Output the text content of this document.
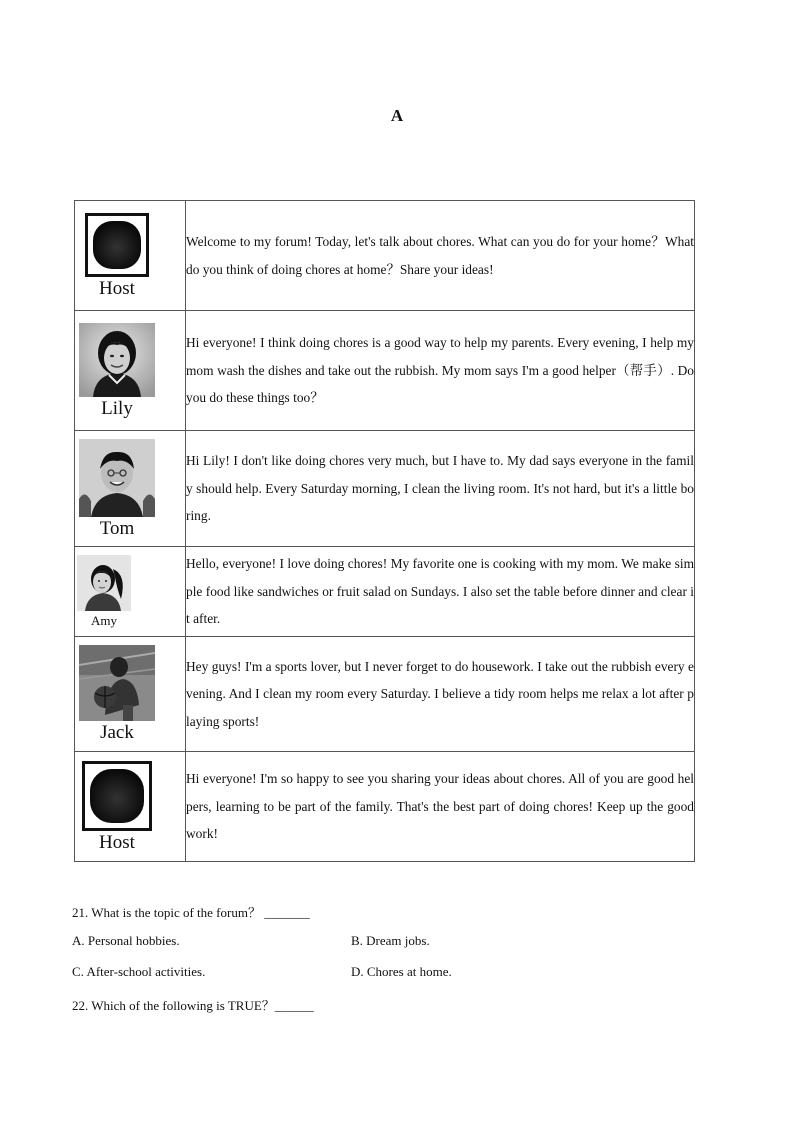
A
Host	Welcome to my forum! Today, let's talk about chores. What can you do for your home？What do you think of doing chores at home？Share your ideas!

Lily	Hi everyone! I think doing chores is a good way to help my parents. Every evening, I help my mom wash the dishes and take out the rubbish. My mom says I'm a good helper（帮手）. Do you do these things too？

Tom	Hi Lily! I don't like doing chores very much, but I have to. My dad says everyone in the family should help. Every Saturday morning, I clean the living room. It's not hard, but it's a little boring.

Amy	Hello, everyone! I love doing chores! My favorite one is cooking with my mom. We make simple food like sandwiches or fruit salad on Sundays. I also set the table before dinner and clear it after.

Jack	Hey guys! I'm a sports lover, but I never forget to do housework. I take out the rubbish every evening. And I clean my room every Saturday. I believe a tidy room helps me relax a lot after playing sports!

Host	Hi everyone! I'm so happy to see you sharing your ideas about chores. All of you are good helpers, learning to be part of the family. That's the best part of doing chores! Keep up the good work!
21. What is the topic of the forum？ _______
A. Personal hobbies.	B. Dream jobs.
C. After-school activities.	D. Chores at home.
22. Which of the following is TRUE？______
